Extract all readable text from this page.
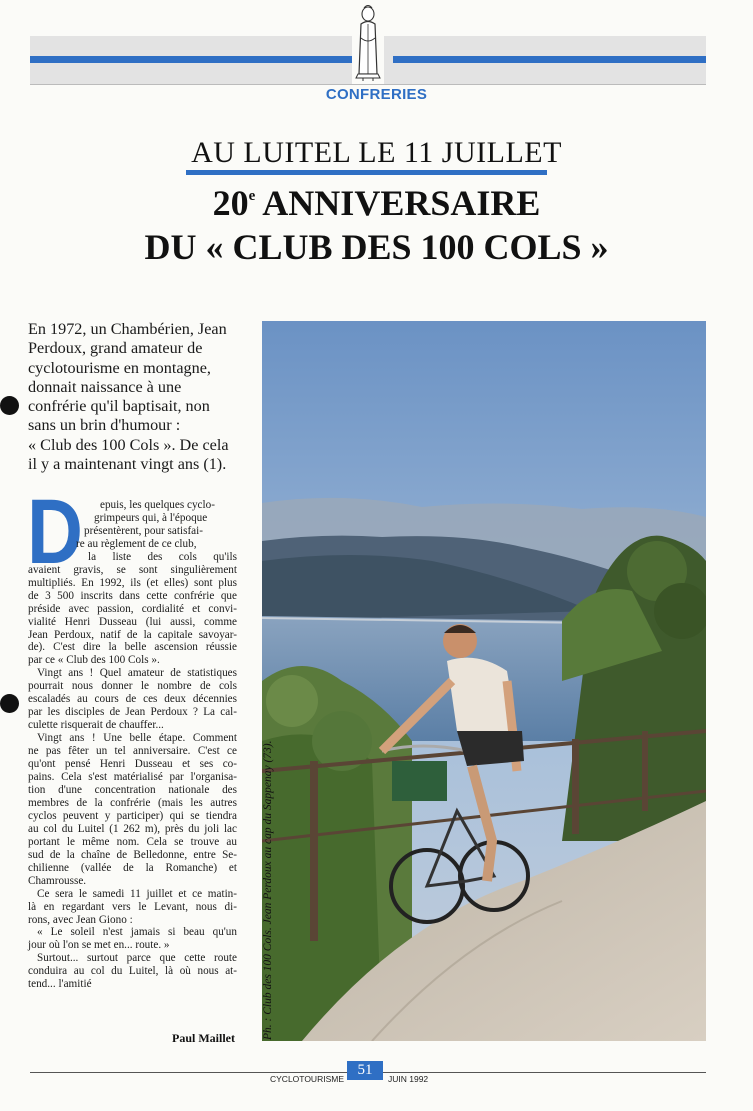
CONFRERIES
AU LUITEL LE 11 JUILLET
20e ANNIVERSAIRE
DU « CLUB DES 100 COLS »
En 1972, un Chambérien, Jean
Perdoux, grand amateur de
cyclotourisme en montagne,
donnait naissance à une
confrérie qu'il baptisait, non
sans un brin d'humour :
« Club des 100 Cols ». De cela
il y a maintenant vingt ans (1).
D	epuis, les quelques cyclo-
grimpeurs qui, à l'époque
présentèrent, pour satisfai-
re au règlement de ce club,
la liste des cols qu'ils
avaient gravis, se sont singulièrement
multipliés. En 1992, ils (et elles) sont plus
de 3 500 inscrits dans cette confrérie que
préside avec passion, cordialité et convi-
vialité Henri Dusseau (lui aussi, comme
Jean Perdoux, natif de la capitale savoyar-
de). C'est dire la belle ascension réussie
par ce « Club des 100 Cols ».
Vingt ans ! Quel amateur de statistiques
pourrait nous donner le nombre de cols
escaladés au cours de ces deux décennies
par les disciples de Jean Perdoux ? La cal-
culette risquerait de chauffer...
Vingt ans ! Une belle étape. Comment
ne pas fêter un tel anniversaire. C'est ce
qu'ont pensé Henri Dusseau et ses co-
pains. Cela s'est matérialisé par l'organisa-
tion d'une concentration nationale des
membres de la confrérie (mais les autres
cyclos peuvent y participer) qui se tiendra
au col du Luitel (1 262 m), près du joli lac
portant le même nom. Cela se trouve au
sud de la chaîne de Belledonne, entre Se-
chilienne (vallée de la Romanche) et
Chamrousse.
Ce sera le samedi 11 juillet et ce matin-
là en regardant vers le Levant, nous di-
rons, avec Jean Giono :
« Le soleil n'est jamais si beau qu'un
jour où l'on se met en... route. »
Surtout... surtout parce que cette route
conduira au col du Luitel, là où nous at-
tend... l'amitié
Paul Maillet Ph. : Club des 100 Cols. Jean Perdoux au cap du Sappenay (73).
CYCLOTOURISME
51
JUIN 1992
